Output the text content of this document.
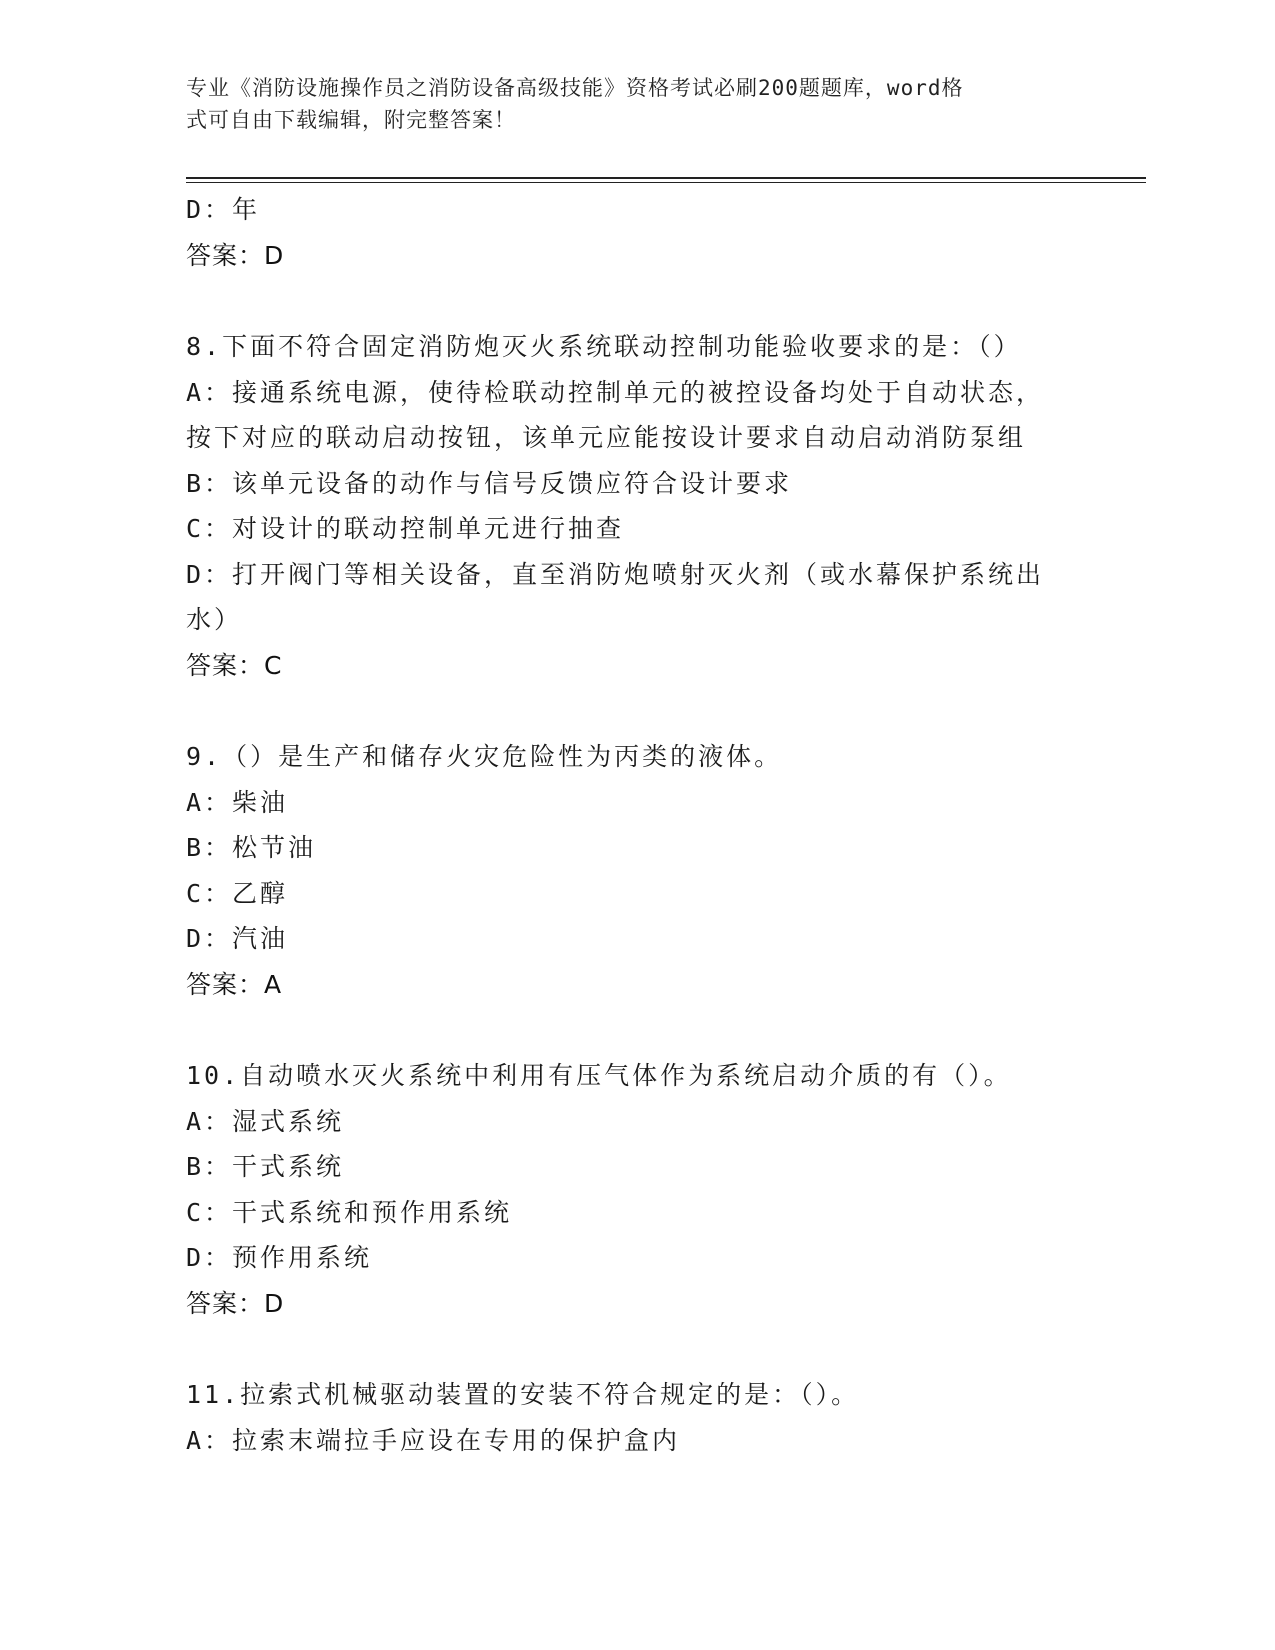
专业《消防设施操作员之消防设备高级技能》资格考试必刷200题题库，word格
式可自由下载编辑，附完整答案！
D：年
答案：D
8.下面不符合固定消防炮灭火系统联动控制功能验收要求的是：（）
A：接通系统电源，使待检联动控制单元的被控设备均处于自动状态，
按下对应的联动启动按钮，该单元应能按设计要求自动启动消防泵组
B：该单元设备的动作与信号反馈应符合设计要求
C：对设计的联动控制单元进行抽查
D：打开阀门等相关设备，直至消防炮喷射灭火剂（或水幕保护系统出
水）
答案：C
9.（）是生产和储存火灾危险性为丙类的液体。
A：柴油
B：松节油
C：乙醇
D：汽油
答案：A
10.自动喷水灭火系统中利用有压气体作为系统启动介质的有（）。
A：湿式系统
B：干式系统
C：干式系统和预作用系统
D：预作用系统
答案：D
11.拉索式机械驱动装置的安装不符合规定的是：（）。
A：拉索末端拉手应设在专用的保护盒内
